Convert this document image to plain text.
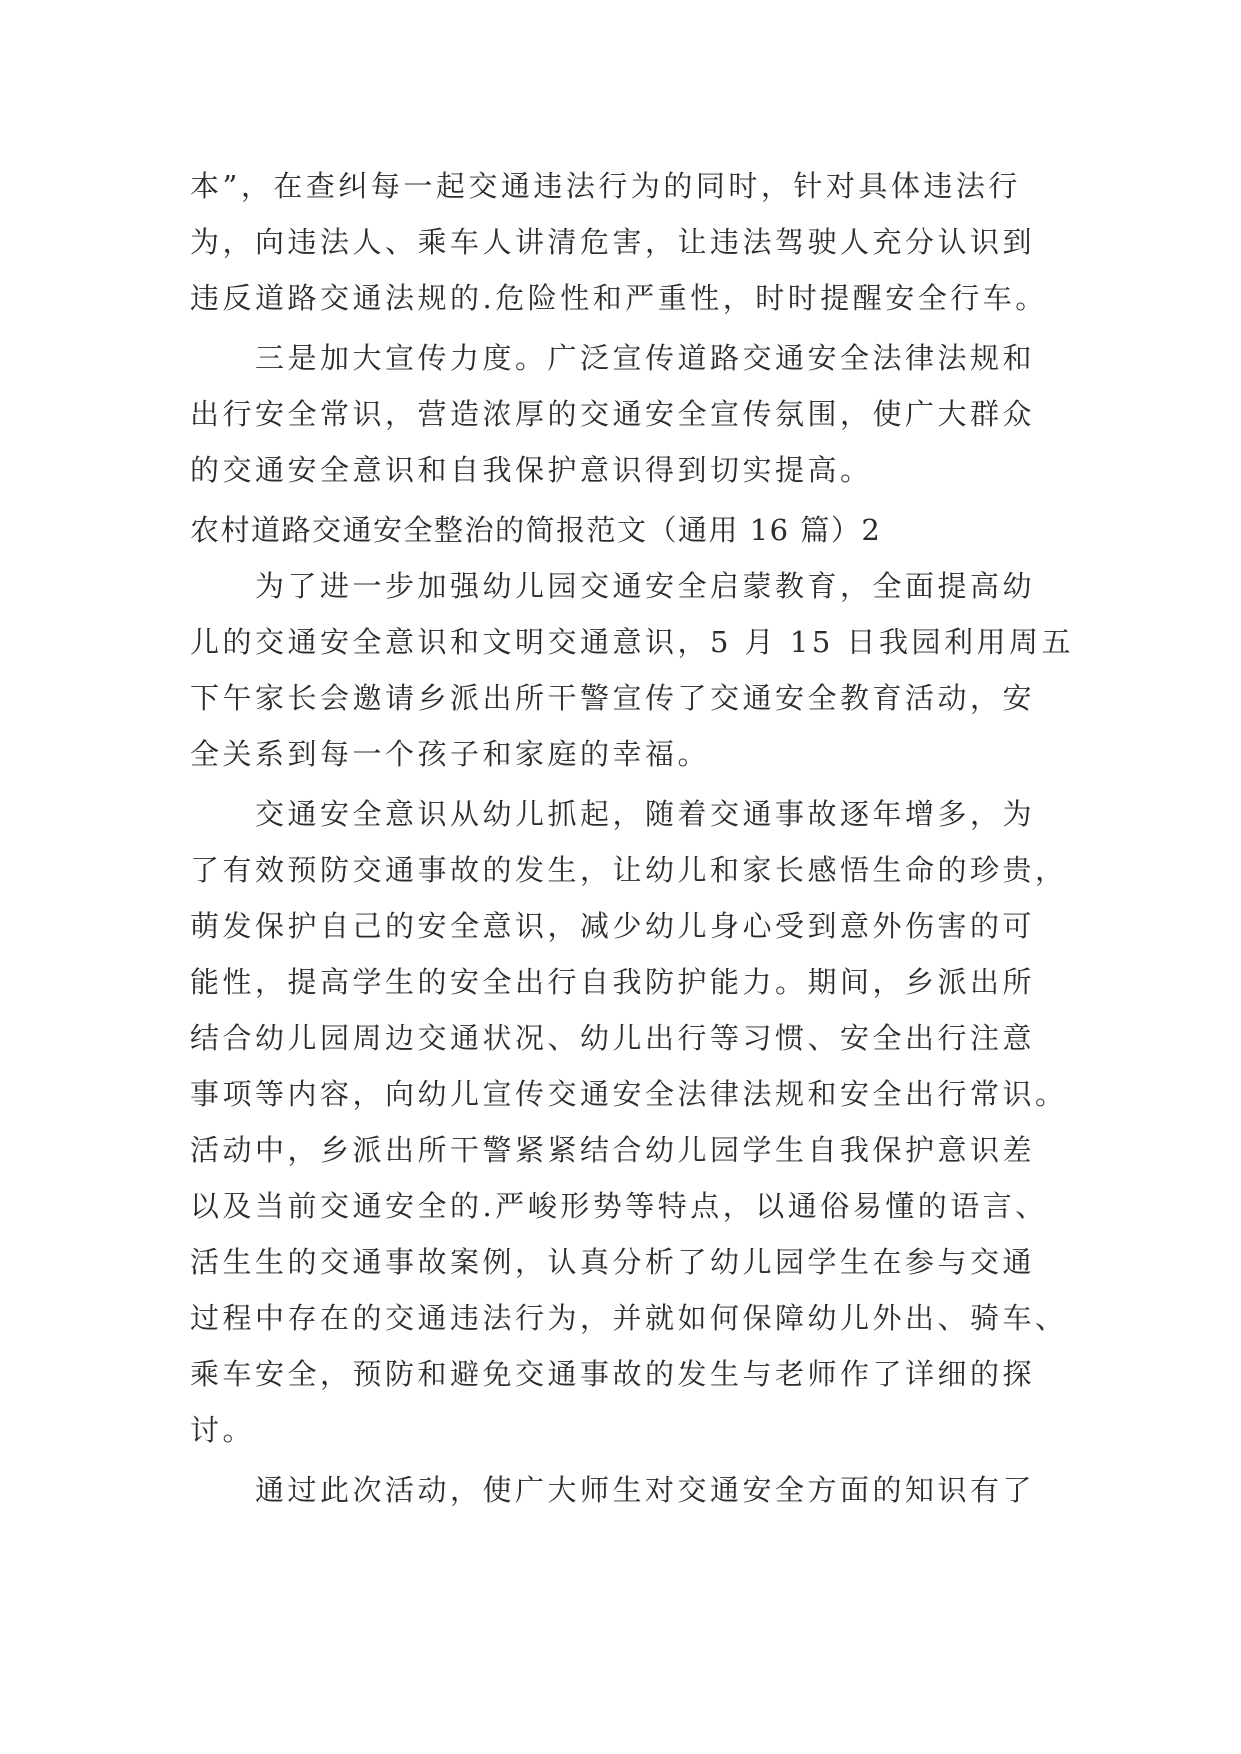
本”，在查纠每一起交通违法行为的同时，针对具体违法行

为，向违法人、乘车人讲清危害，让违法驾驶人充分认识到

违反道路交通法规的.危险性和严重性，时时提醒安全行车。

三是加大宣传力度。广泛宣传道路交通安全法律法规和

出行安全常识，营造浓厚的交通安全宣传氛围，使广大群众

的交通安全意识和自我保护意识得到切实提高。

农村道路交通安全整治的简报范文（通用 16 篇）2

为了进一步加强幼儿园交通安全启蒙教育，全面提高幼

儿的交通安全意识和文明交通意识，5 月 15 日我园利用周五

下午家长会邀请乡派出所干警宣传了交通安全教育活动，安

全关系到每一个孩子和家庭的幸福。

交通安全意识从幼儿抓起，随着交通事故逐年增多，为

了有效预防交通事故的发生，让幼儿和家长感悟生命的珍贵，

萌发保护自己的安全意识，减少幼儿身心受到意外伤害的可

能性，提高学生的安全出行自我防护能力。期间，乡派出所

结合幼儿园周边交通状况、幼儿出行等习惯、安全出行注意

事项等内容，向幼儿宣传交通安全法律法规和安全出行常识。

活动中，乡派出所干警紧紧结合幼儿园学生自我保护意识差

以及当前交通安全的.严峻形势等特点，以通俗易懂的语言、

活生生的交通事故案例，认真分析了幼儿园学生在参与交通

过程中存在的交通违法行为，并就如何保障幼儿外出、骑车、

乘车安全，预防和避免交通事故的发生与老师作了详细的探

讨。

通过此次活动，使广大师生对交通安全方面的知识有了
